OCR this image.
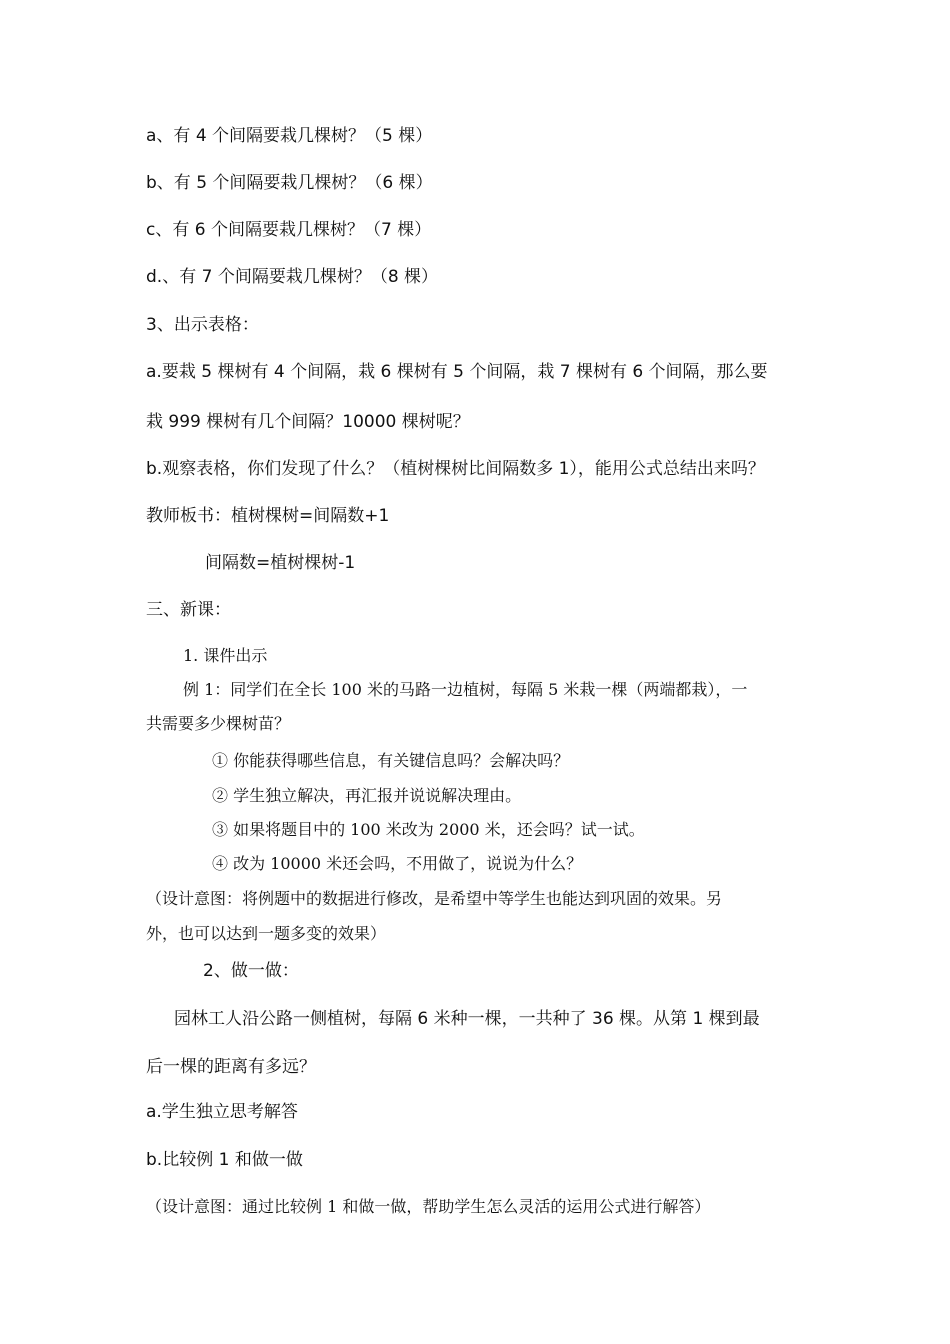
a、有 4 个间隔要栽几棵树？（5 棵）
b、有 5 个间隔要栽几棵树？（6 棵）
c、有 6 个间隔要栽几棵树？（7 棵）
d.、有 7 个间隔要栽几棵树？（8 棵）
3、出示表格：
a.要栽 5 棵树有 4 个间隔，栽 6 棵树有 5 个间隔，栽 7 棵树有 6 个间隔，那么要
栽 999 棵树有几个间隔？10000 棵树呢？
b.观察表格，你们发现了什么？（植树棵树比间隔数多 1），能用公式总结出来吗？
教师板书：植树棵树=间隔数+1
间隔数=植树棵树-1
三、新课：
1. 课件出示
例 1：同学们在全长 100 米的马路一边植树，每隔 5 米栽一棵（两端都栽），一
共需要多少棵树苗？
① 你能获得哪些信息，有关键信息吗？会解决吗？
② 学生独立解决，再汇报并说说解决理由。
③ 如果将题目中的 100 米改为 2000 米，还会吗？试一试。
④ 改为 10000 米还会吗，不用做了，说说为什么？
（设计意图：将例题中的数据进行修改，是希望中等学生也能达到巩固的效果。另
外，也可以达到一题多变的效果）
2、做一做：
园林工人沿公路一侧植树，每隔 6 米种一棵，一共种了 36 棵。从第 1 棵到最
后一棵的距离有多远？
a.学生独立思考解答
b.比较例 1 和做一做
（设计意图：通过比较例 1 和做一做，帮助学生怎么灵活的运用公式进行解答）
